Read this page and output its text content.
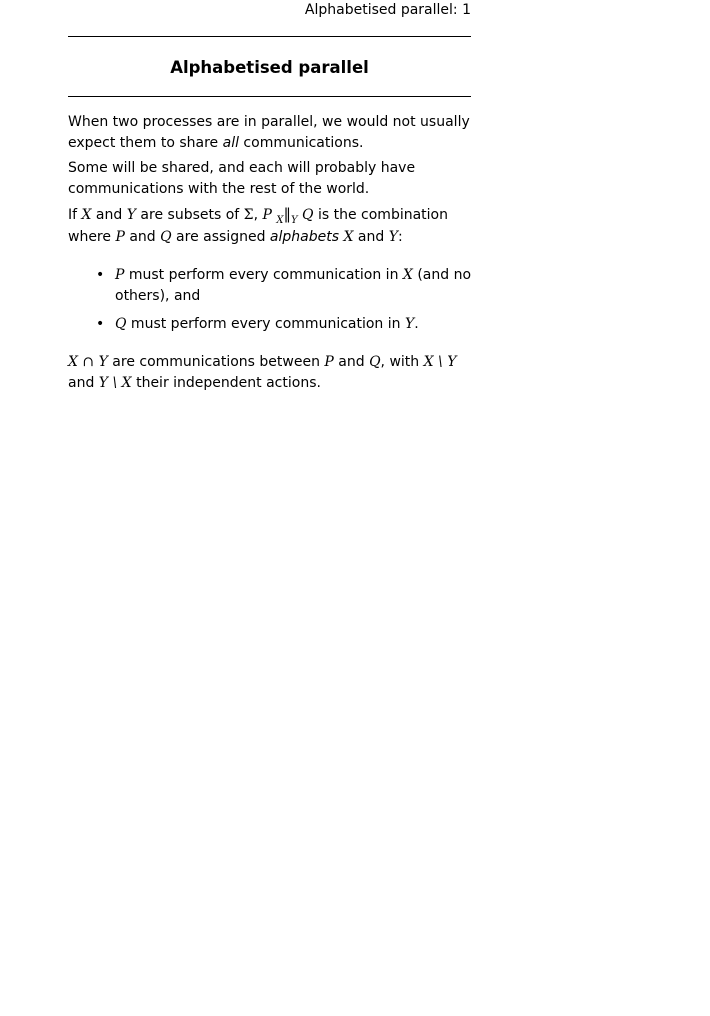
Alphabetised parallel: 1
Alphabetised parallel

When two processes are in parallel, we would not usually expect them to share all communications.

Some will be shared, and each will probably have communications with the rest of the world.

If X and Y are subsets of Σ, P $_X‖_Y$ Q is the combination where P and Q are assigned alphabets X and Y:

• P must perform every communication in X (and no others), and
• Q must perform every communication in Y.

X ∩ Y are communications between P and Q, with X \ Y and Y \ X their independent actions.
